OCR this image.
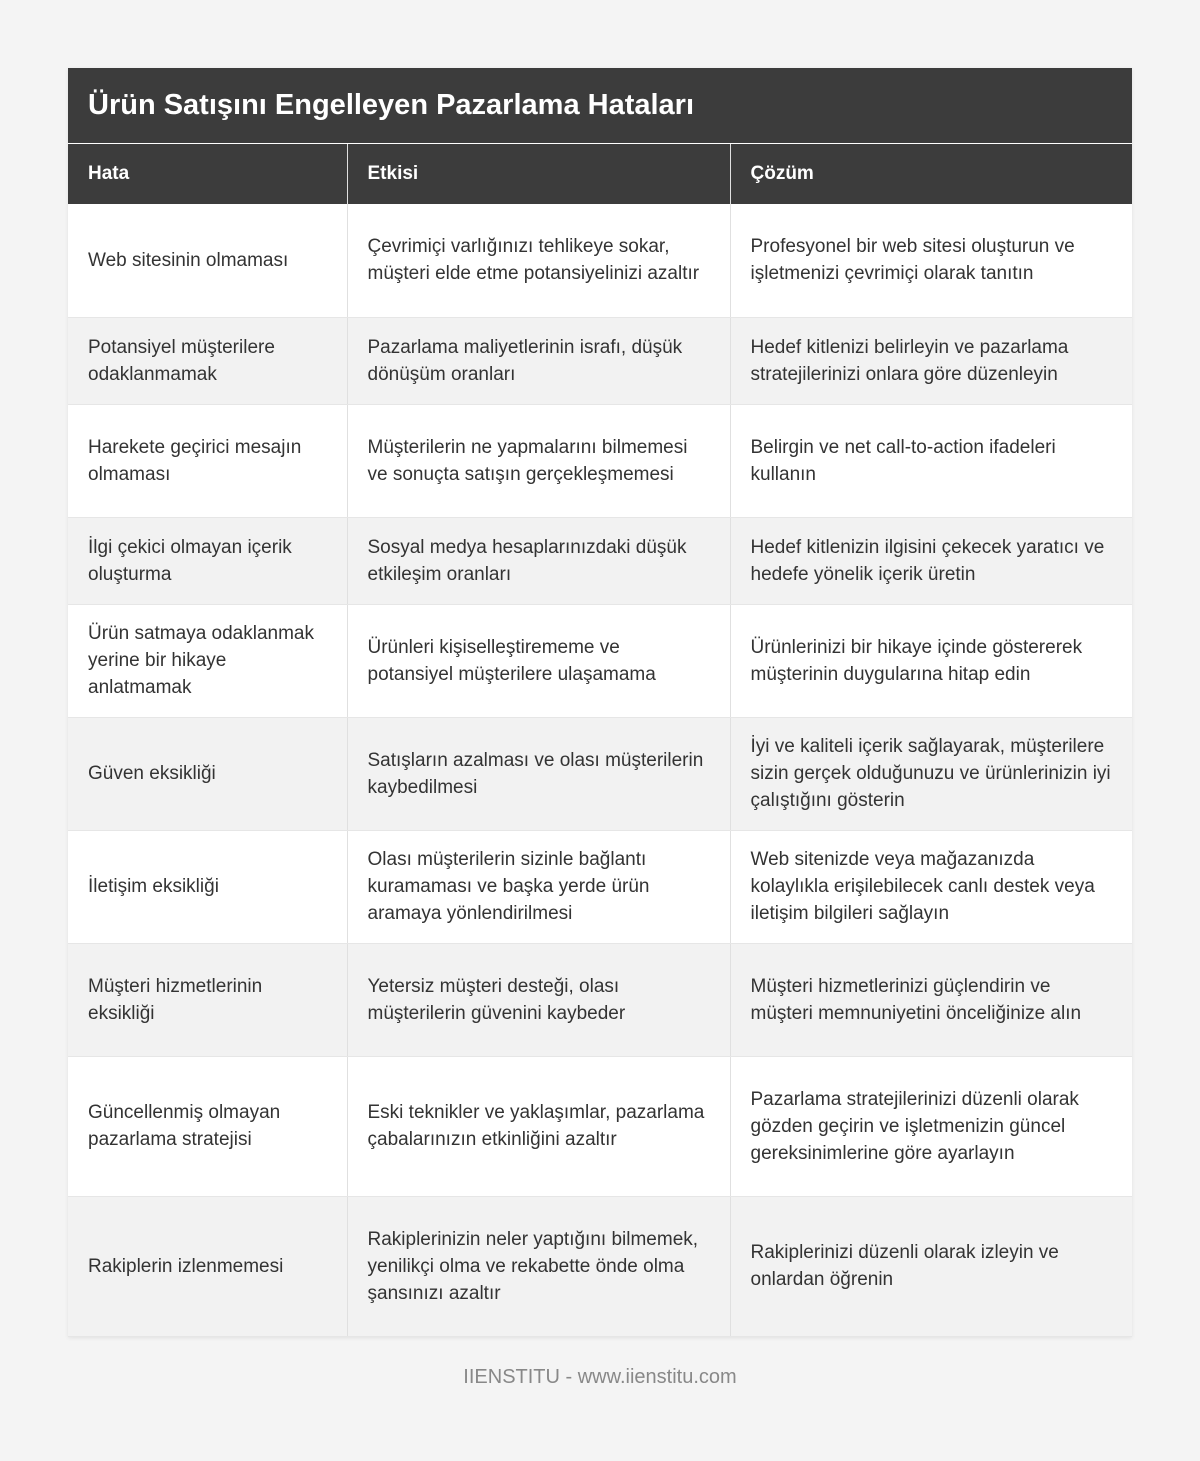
Ürün Satışını Engelleyen Pazarlama Hataları
Hata	Etkisi	Çözüm
Web sitesinin olmaması	Çevrimiçi varlığınızı tehlikeye sokar, müşteri elde etme potansiyelinizi azaltır	Profesyonel bir web sitesi oluşturun ve işletmenizi çevrimiçi olarak tanıtın
Potansiyel müşterilere odaklanmamak	Pazarlama maliyetlerinin israfı, düşük dönüşüm oranları	Hedef kitlenizi belirleyin ve pazarlama stratejilerinizi onlara göre düzenleyin
Harekete geçirici mesajın olmaması	Müşterilerin ne yapmalarını bilmemesi ve sonuçta satışın gerçekleşmemesi	Belirgin ve net call-to-action ifadeleri kullanın
İlgi çekici olmayan içerik oluşturma	Sosyal medya hesaplarınızdaki düşük etkileşim oranları	Hedef kitlenizin ilgisini çekecek yaratıcı ve hedefe yönelik içerik üretin
Ürün satmaya odaklanmak yerine bir hikaye anlatmamak	Ürünleri kişiselleştirememe ve potansiyel müşterilere ulaşamama	Ürünlerinizi bir hikaye içinde göstererek müşterinin duygularına hitap edin
Güven eksikliği	Satışların azalması ve olası müşterilerin kaybedilmesi	İyi ve kaliteli içerik sağlayarak, müşterilere sizin gerçek olduğunuzu ve ürünlerinizin iyi çalıştığını gösterin
İletişim eksikliği	Olası müşterilerin sizinle bağlantı kuramaması ve başka yerde ürün aramaya yönlendirilmesi	Web sitenizde veya mağazanızda kolaylıkla erişilebilecek canlı destek veya iletişim bilgileri sağlayın
Müşteri hizmetlerinin eksikliği	Yetersiz müşteri desteği, olası müşterilerin güvenini kaybeder	Müşteri hizmetlerinizi güçlendirin ve müşteri memnuniyetini önceliğinize alın
Güncellenmiş olmayan pazarlama stratejisi	Eski teknikler ve yaklaşımlar, pazarlama çabalarınızın etkinliğini azaltır	Pazarlama stratejilerinizi düzenli olarak gözden geçirin ve işletmenizin güncel gereksinimlerine göre ayarlayın
Rakiplerin izlenmemesi	Rakiplerinizin neler yaptığını bilmemek, yenilikçi olma ve rekabette önde olma şansınızı azaltır	Rakiplerinizi düzenli olarak izleyin ve onlardan öğrenin
IIENSTITU - www.iienstitu.com
